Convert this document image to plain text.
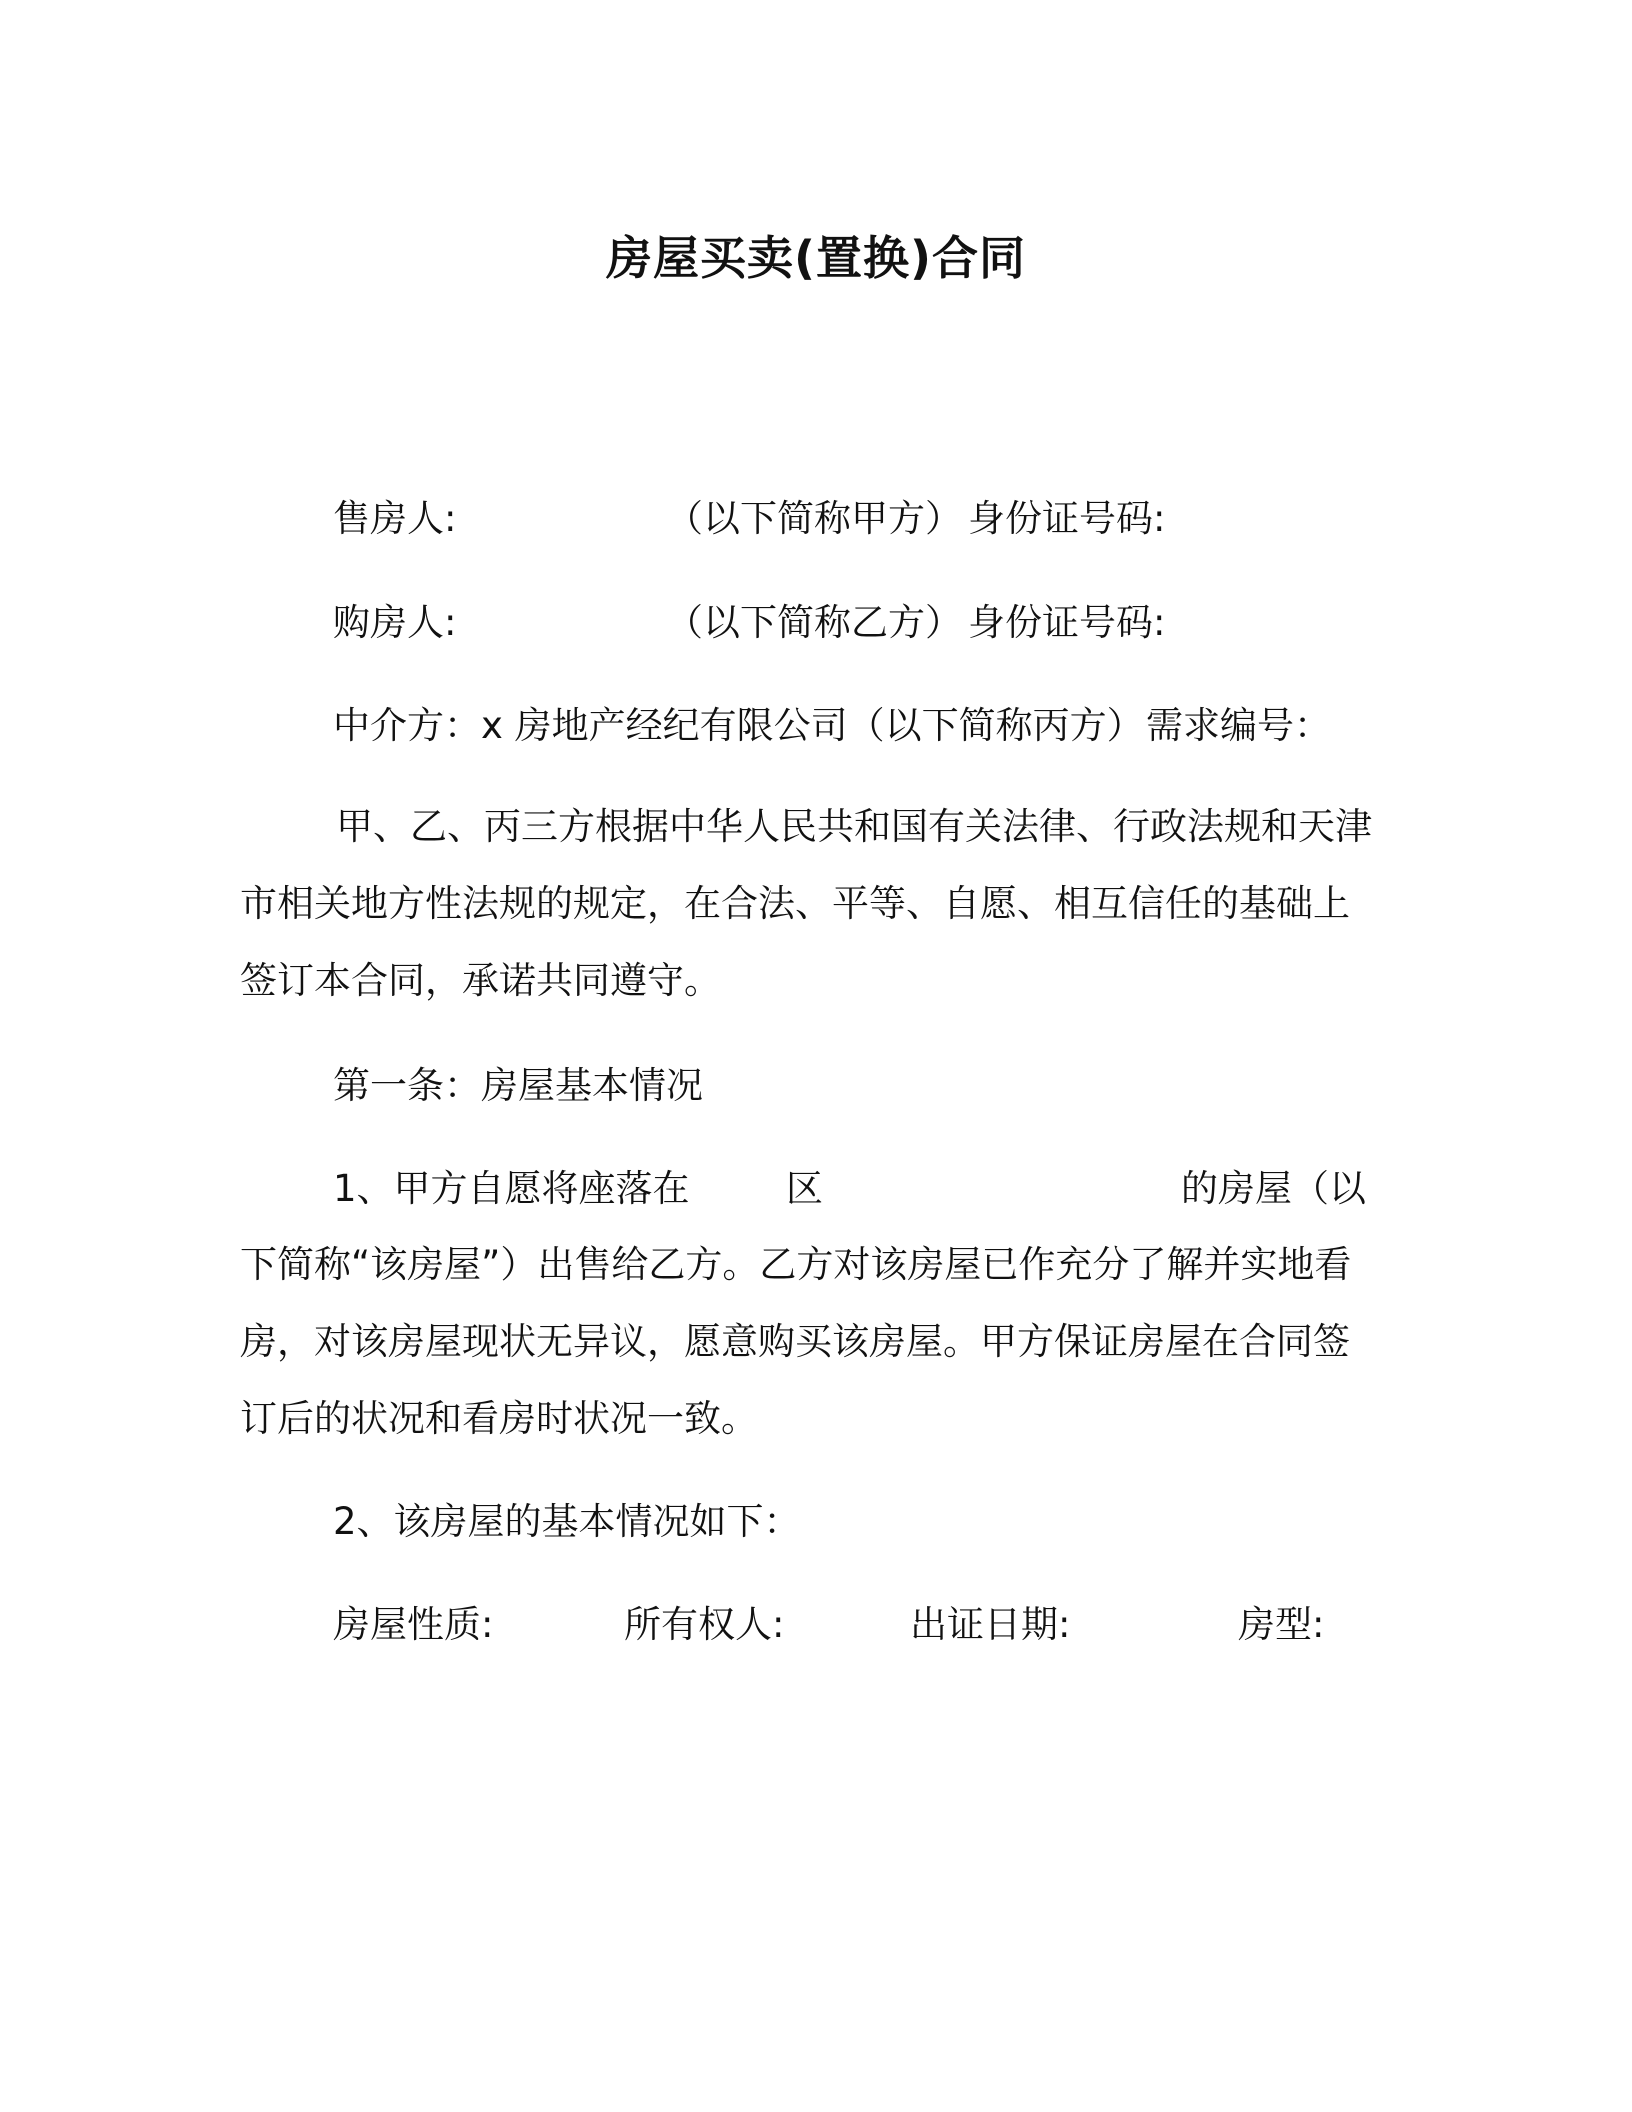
房屋买卖(置换)合同
售房人:	（以下简称甲方） 身份证号码:
购房人:	（以下简称乙方） 身份证号码:
中介方：x 房地产经纪有限公司（以下简称丙方） 需求编号：
甲、乙、丙三方根据中华人民共和国有关法律、行政法规和天津市相关地方性法规的规定，在合法、平等、自愿、相互信任的基础上签订本合同，承诺共同遵守。
第一条：房屋基本情况
1、甲方自愿将座落在	区	的房屋（以
下简称“该房屋”）出售给乙方。乙方对该房屋已作充分了解并实地看房，对该房屋现状无异议，愿意购买该房屋。甲方保证房屋在合同签订后的状况和看房时状况一致。
2、该房屋的基本情况如下：
房屋性质:	所有权人:	出证日期:	房型:
